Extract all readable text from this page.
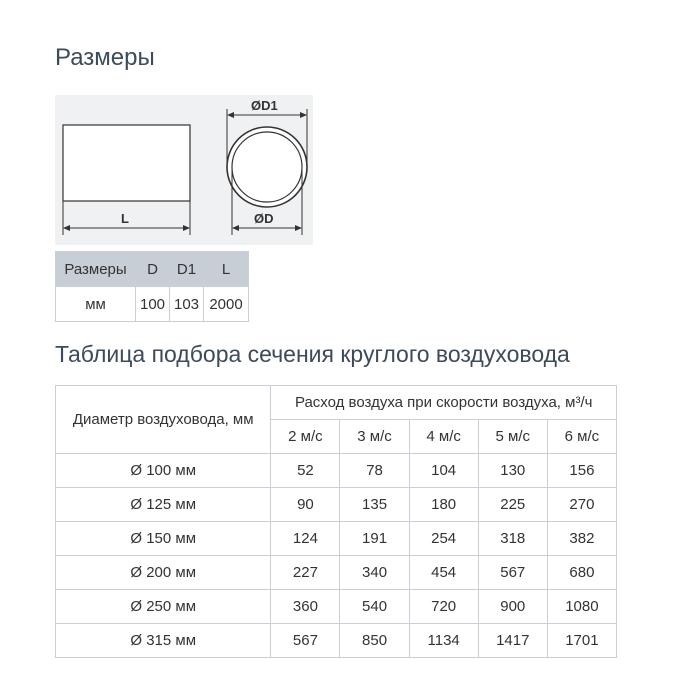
Размеры
L
ØD1
ØD
Размеры	D	D1	L
мм	100	103	2000
Таблица подбора сечения круглого воздуховода
Диаметр воздуховода, мм	Расход воздуха при скорости воздуха, м³/ч				
	2 м/с	3 м/с	4 м/с	5 м/с	6 м/с
Ø 100 мм	52	78	104	130	156
Ø 125 мм	90	135	180	225	270
Ø 150 мм	124	191	254	318	382
Ø 200 мм	227	340	454	567	680
Ø 250 мм	360	540	720	900	1080
Ø 315 мм	567	850	1134	1417	1701
